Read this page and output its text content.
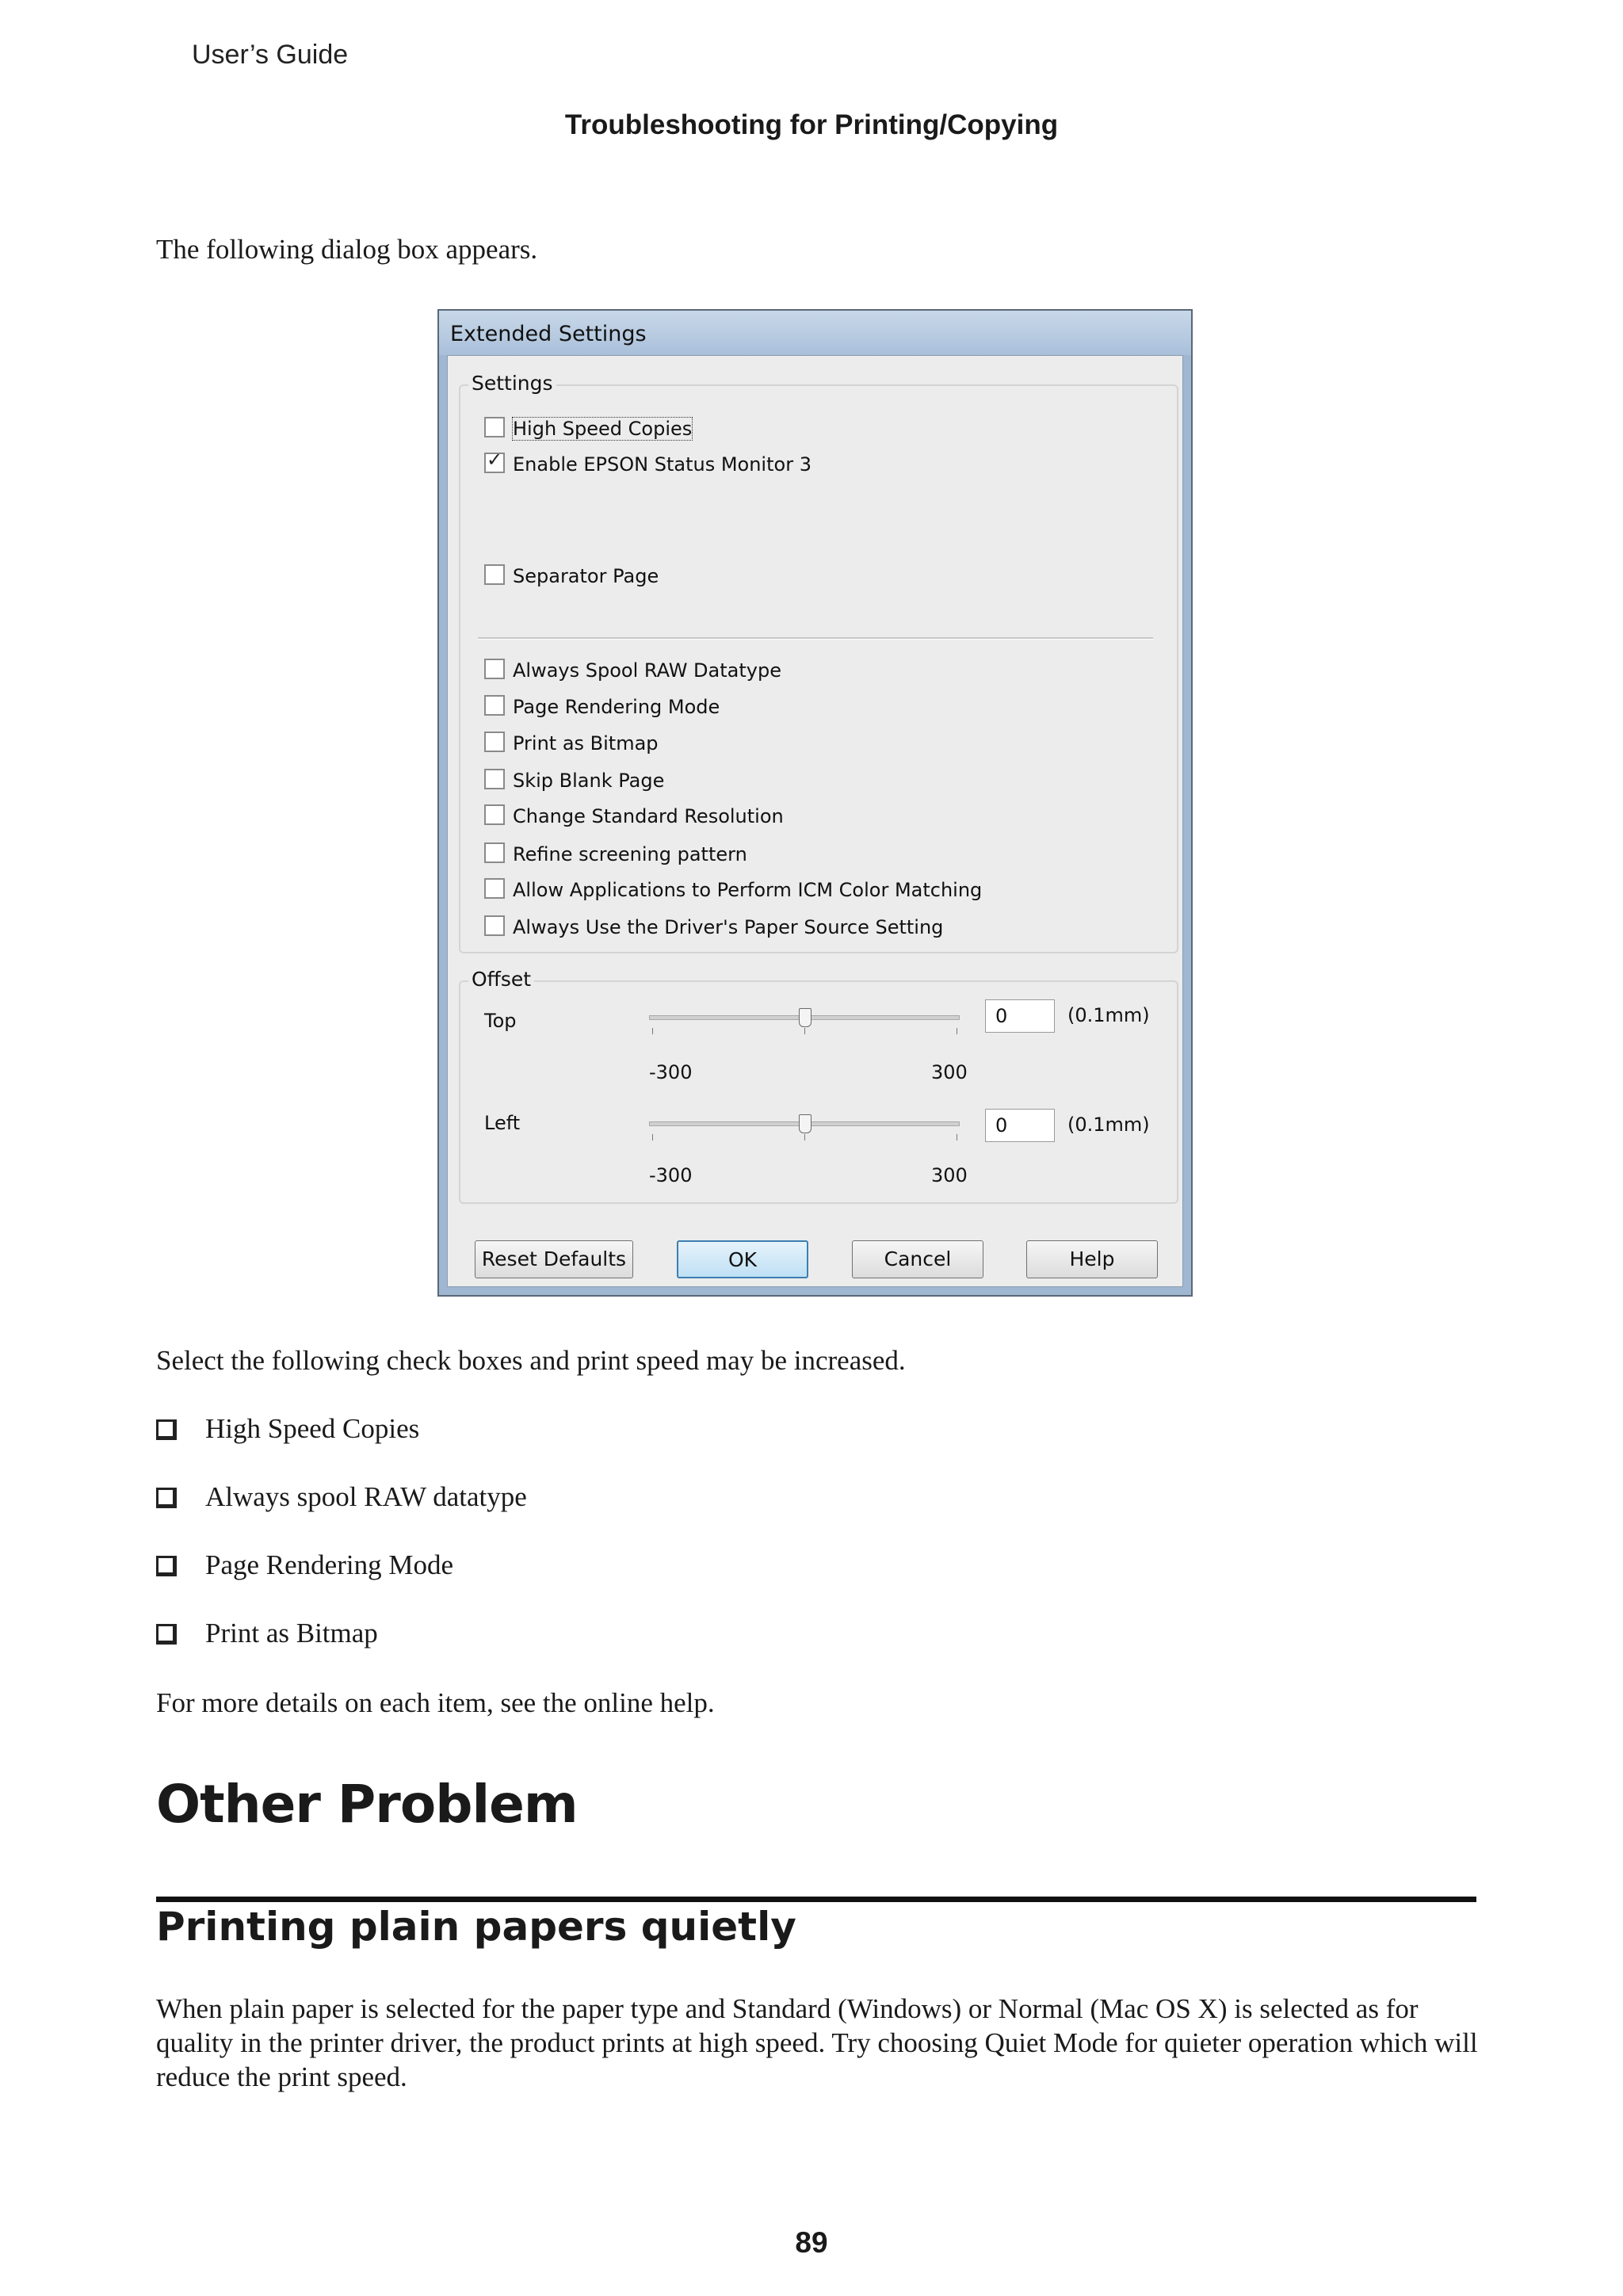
User’s Guide
Troubleshooting for Printing/Copying
The following dialog box appears.
Extended Settings
Settings
High Speed Copies
✓Enable EPSON Status Monitor 3
Separator Page
Always Spool RAW Datatype
Page Rendering Mode
Print as Bitmap
Skip Blank Page
Change Standard Resolution
Refine screening pattern
Allow Applications to Perform ICM Color Matching
Always Use the Driver's Paper Source Setting
Offset
Top	0	(0.1mm)
-300	300
Left	0	(0.1mm)
-300	300
Reset Defaults	OK	Cancel	Help
Select the following check boxes and print speed may be increased.
High Speed Copies
Always spool RAW datatype
Page Rendering Mode
Print as Bitmap
For more details on each item, see the online help.
Other Problem
Printing plain papers quietly
When plain paper is selected for the paper type and Standard (Windows) or Normal (Mac OS X) is selected as for quality in the printer driver, the product prints at high speed. Try choosing Quiet Mode for quieter operation which will reduce the print speed.
89
